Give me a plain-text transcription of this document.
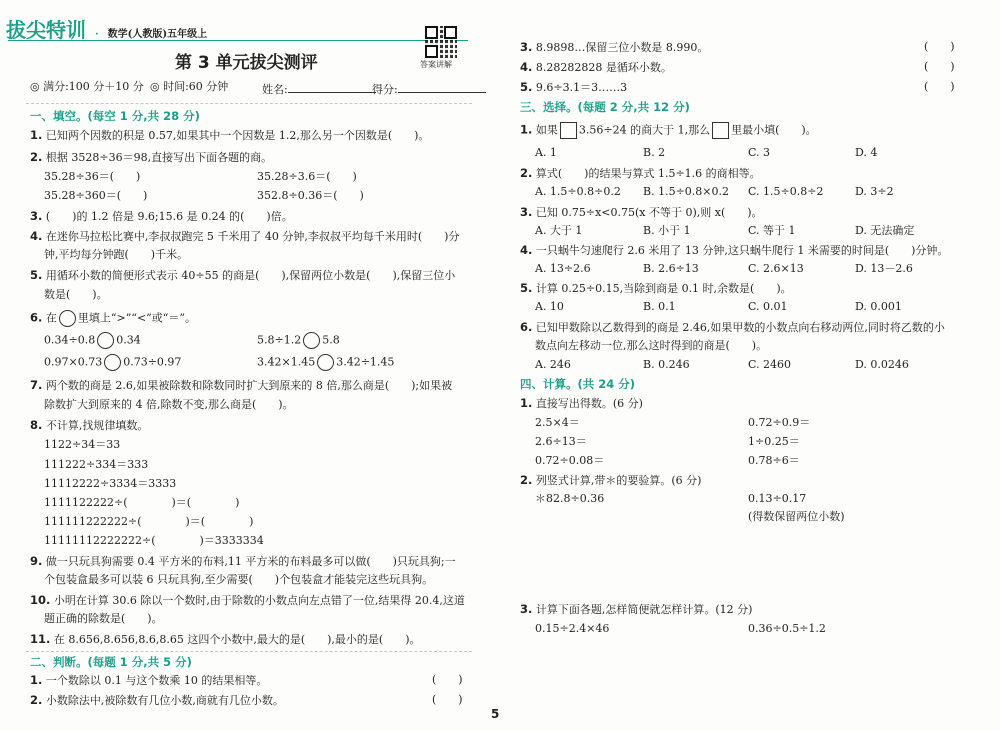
拔尖特训 · 数学(人教版)五年级上
第 3 单元拔尖测评	答案讲解
◎ 满分:100 分＋10 分 ◎ 时间:60 分钟	姓名:	得分:
一、填空。(每空 1 分,共 28 分)
1. 已知两个因数的积是 0.57,如果其中一个因数是 1.2,那么另一个因数是(　　)。
2. 根据 3528÷36＝98,直接写出下面各题的商。
35.28÷36＝(　　)	35.28÷3.6＝(　　)
35.28÷360＝(　　)	352.8÷0.36＝(　　)
3. (　　)的 1.2 倍是 9.6;15.6 是 0.24 的(　　)倍。
4. 在迷你马拉松比赛中,李叔叔跑完 5 千米用了 40 分钟,李叔叔平均每千米用时(　　)分
钟,平均每分钟跑(　　)千米。
5. 用循环小数的简便形式表示 40÷55 的商是(　　),保留两位小数是(　　),保留三位小
数是(　　)。
6. 在 里填上“>”“<”或“＝”。
0.34÷0.8 0.34	5.8÷1.2 5.8
0.97×0.73 0.73÷0.97	3.42×1.45 3.42÷1.45
7. 两个数的商是 2.6,如果被除数和除数同时扩大到原来的 8 倍,那么商是(　　);如果被
除数扩大到原来的 4 倍,除数不变,那么商是(　　)。
8. 不计算,找规律填数。
1122÷34＝33
111222÷334＝333
11112222÷3334＝3333
1111122222÷(　　　　)＝(　　　　)
111111222222÷(　　　　)＝(　　　　)
11111112222222÷(　　　　)＝3333334
9. 做一只玩具狗需要 0.4 平方米的布料,11 平方米的布料最多可以做(　　)只玩具狗;一
个包装盒最多可以装 6 只玩具狗,至少需要(　　)个包装盒才能装完这些玩具狗。
10. 小明在计算 30.6 除以一个数时,由于除数的小数点向左点错了一位,结果得 20.4,这道
题正确的除数是(　　)。
11. 在 8.656,8.656,8.6,8.65 这四个小数中,最大的是(　　),最小的是(　　)。
二、判断。(每题 1 分,共 5 分)
1. 一个数除以 0.1 与这个数乘 10 的结果相等。	(　　)
2. 小数除法中,被除数有几位小数,商就有几位小数。	(　　)
3. 8.9898…保留三位小数是 8.990。	(　　)
4. 8.28282828 是循环小数。	(　　)
5. 9.6÷3.1＝3……3	(　　)
三、选择。(每题 2 分,共 12 分)
1. 如果 3.56÷24 的商大于 1,那么 里最小填(　　)。
A. 1	B. 2	C. 3	D. 4
2. 算式(　　)的结果与算式 1.5÷1.6 的商相等。
A. 1.5÷0.8÷0.2 B. 1.5÷0.8×0.2 C. 1.5÷0.8÷2	D. 3÷2
3. 已知 0.75÷x<0.75(x 不等于 0),则 x(　　)。
A. 大于 1	B. 小于 1	C. 等于 1	D. 无法确定
4. 一只蜗牛匀速爬行 2.6 米用了 13 分钟,这只蜗牛爬行 1 米需要的时间是(　　)分钟。
A. 13÷2.6	B. 2.6÷13	C. 2.6×13	D. 13－2.6
5. 计算 0.25÷0.15,当除到商是 0.1 时,余数是(　　)。
A. 10	B. 0.1	C. 0.01	D. 0.001
6. 已知甲数除以乙数得到的商是 2.46,如果甲数的小数点向右移动两位,同时将乙数的小
数点向左移动一位,那么这时得到的商是(　　)。
A. 246	B. 0.246	C. 2460	D. 0.0246
四、计算。(共 24 分)
1. 直接写出得数。(6 分)
2.5×4＝	0.72÷0.9＝
2.6÷13＝	1÷0.25＝
0.72÷0.08＝	0.78÷6＝
2. 列竖式计算,带＊的要验算。(6 分)
＊82.8÷0.36	0.13÷0.17
(得数保留两位小数)
3. 计算下面各题,怎样简便就怎样计算。(12 分)
0.15÷2.4×46	0.36÷0.5÷1.2
5
